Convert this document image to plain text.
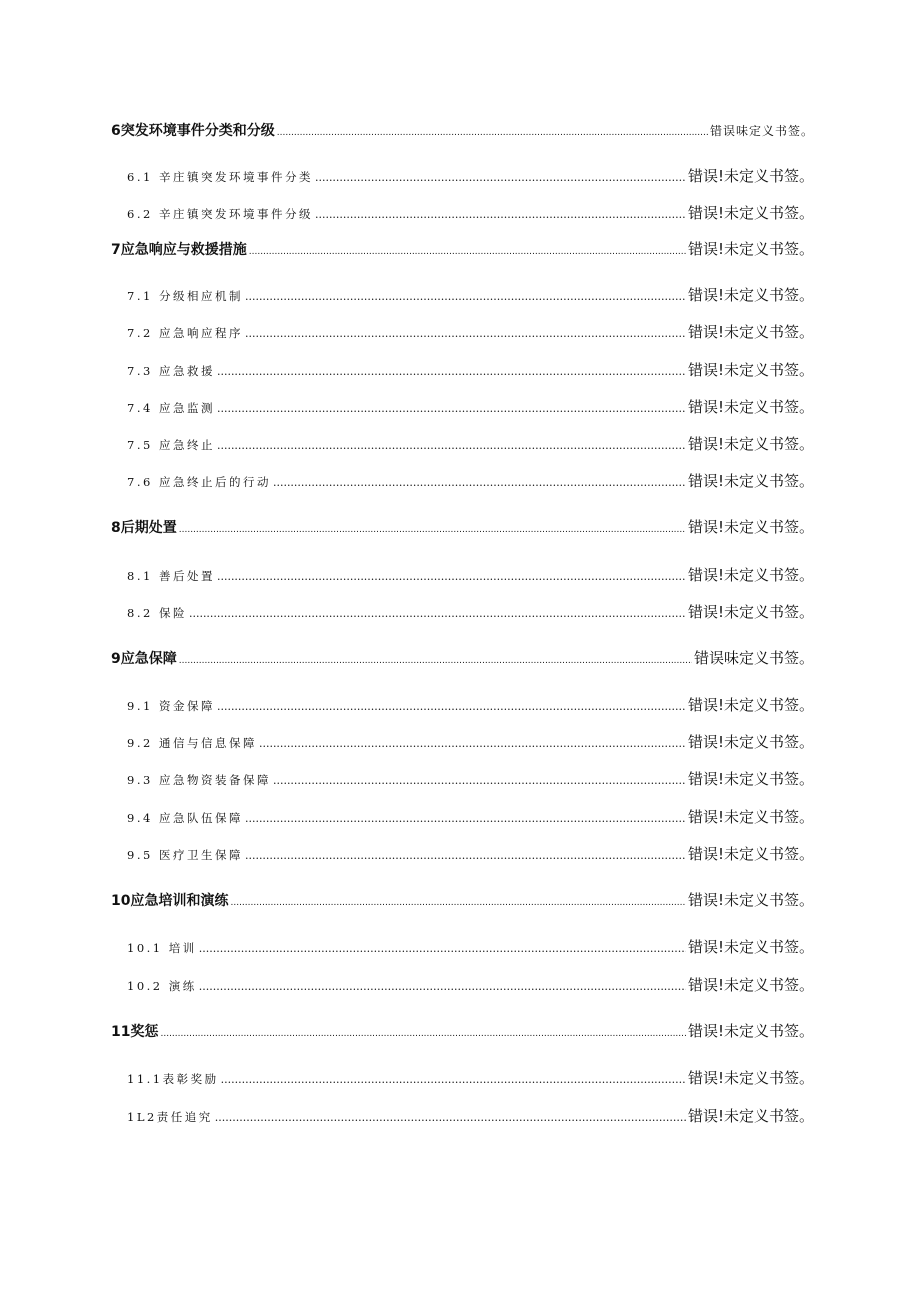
6突发环境事件分类和分级 .....	错误味定义书签。
6.1 辛庄镇突发环境事件分类 .....	错误!未定义书签。
6.2 辛庄镇突发环境事件分级 .....	错误!未定义书签。
7应急响应与救援措施 .....	错误!未定义书签。
7.1 分级相应机制 .....	错误!未定义书签。
7.2 应急响应程序 .....	错误!未定义书签。
7.3 应急救援 .....	错误!未定义书签。
7.4 应急监测 .....	错误!未定义书签。
7.5 应急终止 .....	错误!未定义书签。
7.6 应急终止后的行动 .....	错误!未定义书签。
8后期处置 .....	错误!未定义书签。
8.1 善后处置 .....	错误!未定义书签。
8.2 保险 .....	错误!未定义书签。
9应急保障 .....	错误味定义书签。
9.1 资金保障 .....	错误!未定义书签。
9.2 通信与信息保障 .....	错误!未定义书签。
9.3 应急物资装备保障 .....	错误!未定义书签。
9.4 应急队伍保障 .....	错误!未定义书签。
9.5 医疗卫生保障 .....	错误!未定义书签。
10应急培训和演练 .....	错误!未定义书签。
10.1 培训 .....	错误!未定义书签。
10.2 演练 .....	错误!未定义书签。
11奖惩 .....	错误!未定义书签。
11.1表彰奖励 .....	错误!未定义书签。
1L2责任追究 .....	错误!未定义书签。
